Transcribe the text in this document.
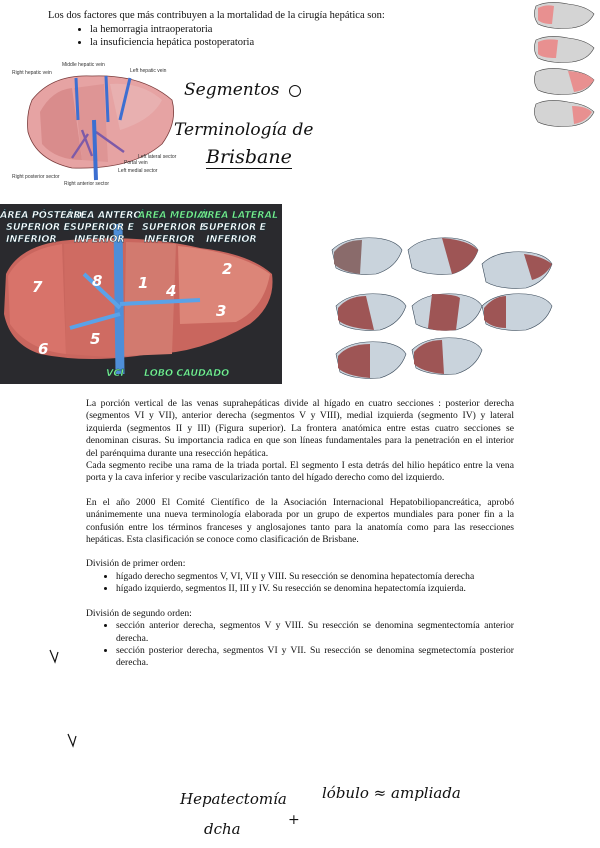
Los dos factores que más contribuyen a la mortalidad de la cirugía hepática son:
• la hemorragia intraoperatoria
• la insuficiencia hepática postoperatoria
Right hepatic vein
Middle hepatic vein
Left hepatic vein
Portal vein
Left medial sector
Left lateral sector
Right posterior sector
Right anterior sector
Segmentos
Terminología de
Brisbane
ÁREA PÓSTERO
SUPERIOR E
INFERIOR
ÁREA ANTERO
SUPERIOR E
INFERIOR
ÁREA MEDIAL
SUPERIOR E
INFERIOR
ÁREA LATERAL
SUPERIOR E
INFERIOR
1
2
3
4
5
6
7	8
VCI LOBO CAUDADO

La porción vertical de las venas suprahepáticas divide al hígado en cuatro secciones : posterior derecha (segmentos VI y VII), anterior derecha (segmentos V y VIII), medial izquierda (segmento IV) y lateral izquierda (segmentos II y III) (Figura superior). La frontera anatómica entre estas cuatro secciones se denominan cisuras. Su importancia radica en que son líneas fundamentales para la penetración en el interior del parénquima durante una resección hepática.

Cada segmento recibe una rama de la triada portal. El segmento I esta detrás del hilio hepático entre la vena porta y la cava inferior y recibe vascularización tanto del hígado derecho como del izquierdo.

En el año 2000 El Comité Científico de la Asociación Internacional Hepatobiliopancreática, aprobó unánimemente una nueva terminología elaborada por un grupo de expertos mundiales para poner fin a la confusión entre los términos franceses y anglosajones tanto para la anatomía como para las resecciones hepáticas. Esta clasificación se conoce como clasificación de Brisbane.

División de primer orden:

• hígado derecho segmentos V, VI, VII y VIII. Su resección se denomina hepatectomía derecha
• hígado izquierdo, segmentos II, III y IV. Su resección se denomina hepatectomía izquierda.

División de segundo orden:

• sección anterior derecha, segmentos V y VIII. Su resección se denomina segmentectomía anterior derecha.
• sección posterior derecha, segmentos VI y VII. Su resección se denomina segmetectomía posterior derecha.
Hepatectomía
dcha	+
lóbulo ≈ ampliada
